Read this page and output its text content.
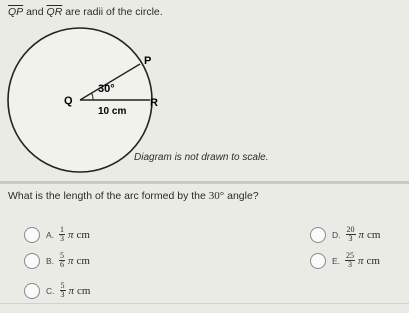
$\overline{QP}$ and $\overline{QR}$ are radii of the circle.
Q
P
R
30°
10 cm
Diagram is not drawn to scale.
What is the length of the arc formed by the 30° angle?
A. $\frac{1}{3}$ π cm
B. $\frac{5}{6}$ π cm
C. $\frac{5}{3}$ π cm
D. $\frac{20}{3}$ π cm
E. $\frac{25}{3}$ π cm
